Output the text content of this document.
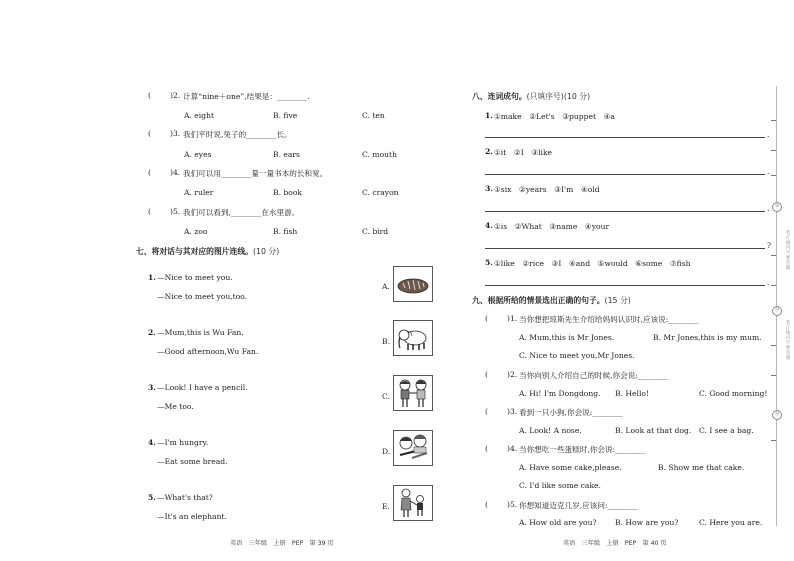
(	)2. 计算“nine＋one”,结果是：________.
A. eight	B. five	C. ten
(	)3. 我们平时说,兔子的________长。
A. eyes	B. ears	C. mouth
(	)4. 我们可以用________量一量书本的长和宽。
A. ruler	B. book	C. crayon
(	)5. 我们可以看到,________在水里游。
A. zoo	B. fish	C. bird
七、将对话与其对应的图片连线。(10 分)
1. —Nice to meet you.
—Nice to meet you,too.
2. —Mum,this is Wu Fan.
—Good afternoon,Wu Fan.
3. —Look! I have a pencil.
—Me too.
4. —I'm hungry.
—Eat some bread.
5. —What's that?
—It's an elephant.
A.
B.
C.
D.
E.
英语　三年级　上册　PEP　第 39 页
八、连词成句。(只填序号)(10 分)
1. ①make　②Let's　③puppet　④a
.
2. ①it　②I　③like
.
3. ①six　②years　③I'm　④old
.
4. ①is　②What　③name　④your
?
5. ①like　②rice　③I　④and　⑤would　⑥some　⑦fish
.
九、根据所给的情景选出正确的句子。(15 分)
(	)1. 当你想把琼斯先生介绍给妈妈认识时,应该说:________
A. Mum,this is Mr Jones.	B. Mr Jones,this is my mum.
C. Nice to meet you,Mr Jones.
(	)2. 当你向别人介绍自己的时候,你会说:________
A. Hi! I'm Dongdong. B. Hello!	C. Good morning!
(	)3. 看到一只小狗,你会说:________
A. Look! A nose.	B. Look at that dog. C. I see a bag.
(	)4. 当你想吃一些蛋糕时,你会说:________
A. Have some cake,please.	B. Show me that cake.
C. I'd like some cake.
(	)5. 你想知道迈克几岁,应该问:________
A. How old are you? B. How are you?	C. Here you are.
英语　三年级　上册　PEP　第 40 页
⑩
⑳
㉚
装订线内不要答题
装订线内不要答题
